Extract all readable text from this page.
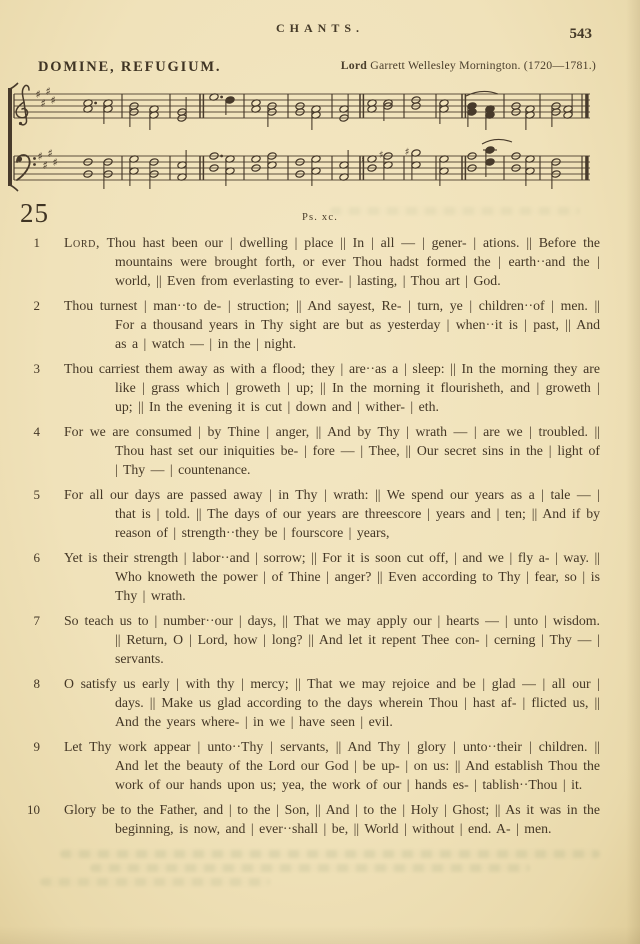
CHANTS.	543
DOMINE, REFUGIUM.	Lord Garrett Wellesley Mornington. (1720—1781.)
♯
♯
♯
♯
♯
♯
♯
♯	♮ ♯ ♯
25	Ps. xc.
1 Lord, Thou hast been our | dwelling | place || In | all — | gener- | ations. || Before the mountains were brought forth, or ever Thou hadst formed the | earth··and the | world, || Even from everlasting to ever- | lasting, | Thou art | God.
2 Thou turnest | man··to de- | struction; || And sayest, Re- | turn, ye | children··of | men. || For a thousand years in Thy sight are but as yesterday | when··it is | past, || And as a | watch — | in the | night.
3 Thou carriest them away as with a flood; they | are··as a | sleep: || In the morning they are like | grass which | groweth | up; || In the morning it flourisheth, and | groweth | up; || In the evening it is cut | down and | wither- | eth.
4 For we are consumed | by Thine | anger, || And by Thy | wrath — | are we | troubled. || Thou hast set our iniquities be- | fore — | Thee, || Our secret sins in the | light of | Thy — | countenance.
5 For all our days are passed away | in Thy | wrath: || We spend our years as a | tale — | that is | told. || The days of our years are threescore | years and | ten; || And if by reason of | strength··they be | fourscore | years,
6 Yet is their strength | labor··and | sorrow; || For it is soon cut off, | and we | fly a- | way. || Who knoweth the power | of Thine | anger? || Even according to Thy | fear, so | is Thy | wrath.
7 So teach us to | number··our | days, || That we may apply our | hearts — | unto | wisdom. || Return, O | Lord, how | long? || And let it repent Thee con- | cerning | Thy — | servants.
8 O satisfy us early | with thy | mercy; || That we may rejoice and be | glad — | all our | days. || Make us glad according to the days wherein Thou | hast af- | flicted us, || And the years where- | in we | have seen | evil.
9 Let Thy work appear | unto··Thy | servants, || And Thy | glory | unto··their | children. || And let the beauty of the Lord our God | be up- | on us: || And establish Thou the work of our hands upon us; yea, the work of our | hands es- | tablish··Thou | it.
10 Glory be to the Father, and | to the | Son, || And | to the | Holy | Ghost; || As it was in the beginning, is now, and | ever··shall | be, || World | without | end. A- | men.
